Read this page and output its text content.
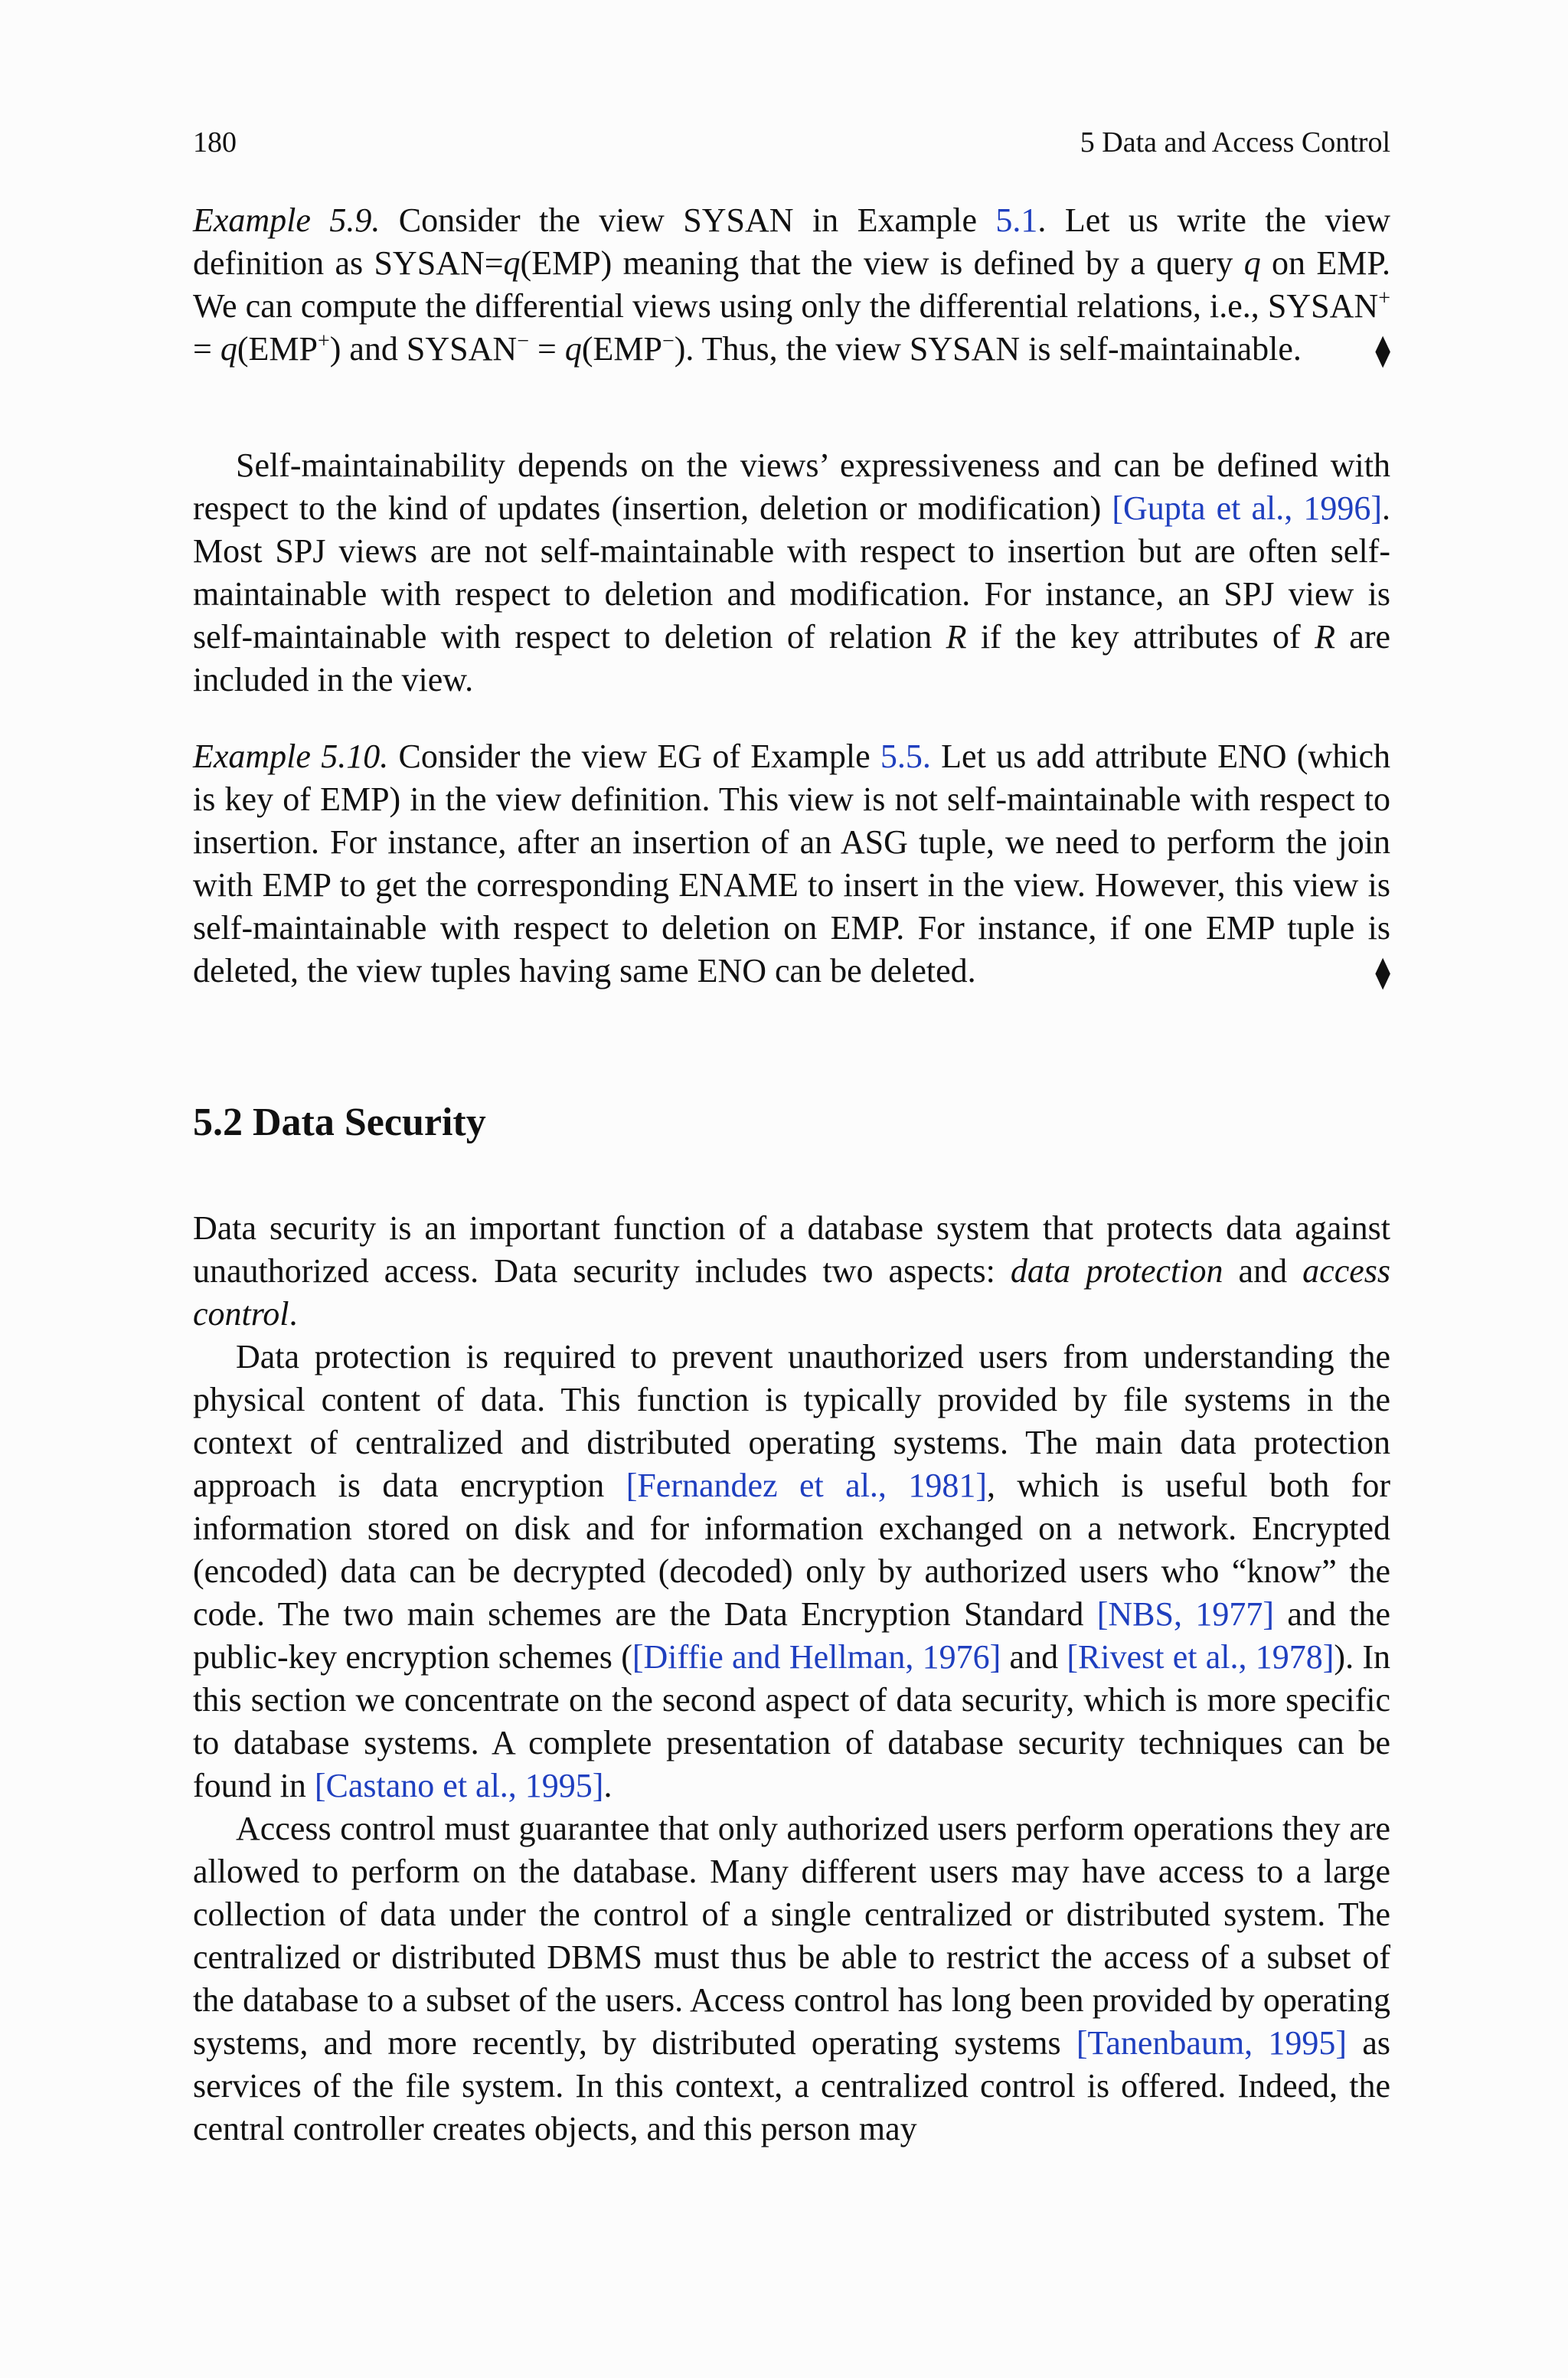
180	5 Data and Access Control

Example 5.9. Consider the view SYSAN in Example 5.1. Let us write the view definition as SYSAN=q(EMP) meaning that the view is defined by a query q on EMP. We can compute the differential views using only the differential relations, i.e., SYSAN+ = q(EMP+) and SYSAN− = q(EMP−). Thus, the view SYSAN is self-maintainable. ⧫

Self-maintainability depends on the views’ expressiveness and can be defined with respect to the kind of updates (insertion, deletion or modification) [Gupta et al., 1996]. Most SPJ views are not self-maintainable with respect to insertion but are often self-maintainable with respect to deletion and modification. For instance, an SPJ view is self-maintainable with respect to deletion of relation R if the key attributes of R are included in the view.

Example 5.10. Consider the view EG of Example 5.5. Let us add attribute ENO (which is key of EMP) in the view definition. This view is not self-maintainable with respect to insertion. For instance, after an insertion of an ASG tuple, we need to perform the join with EMP to get the corresponding ENAME to insert in the view. However, this view is self-maintainable with respect to deletion on EMP. For instance, if one EMP tuple is deleted, the view tuples having same ENO can be deleted.	⧫

5.2 Data Security

Data security is an important function of a database system that protects data against unauthorized access. Data security includes two aspects: data protection and access control.

Data protection is required to prevent unauthorized users from understanding the physical content of data. This function is typically provided by file systems in the context of centralized and distributed operating systems. The main data protection approach is data encryption [Fernandez et al., 1981], which is useful both for information stored on disk and for information exchanged on a network. Encrypted (encoded) data can be decrypted (decoded) only by authorized users who “know” the code. The two main schemes are the Data Encryption Standard [NBS, 1977] and the public-key encryption schemes ([Diffie and Hellman, 1976] and [Rivest et al., 1978]). In this section we concentrate on the second aspect of data security, which is more specific to database systems. A complete presentation of database security techniques can be found in [Castano et al., 1995].

Access control must guarantee that only authorized users perform operations they are allowed to perform on the database. Many different users may have access to a large collection of data under the control of a single centralized or distributed system. The centralized or distributed DBMS must thus be able to restrict the access of a subset of the database to a subset of the users. Access control has long been provided by operating systems, and more recently, by distributed operating systems [Tanenbaum, 1995] as services of the file system. In this context, a centralized control is offered. Indeed, the central controller creates objects, and this person may
